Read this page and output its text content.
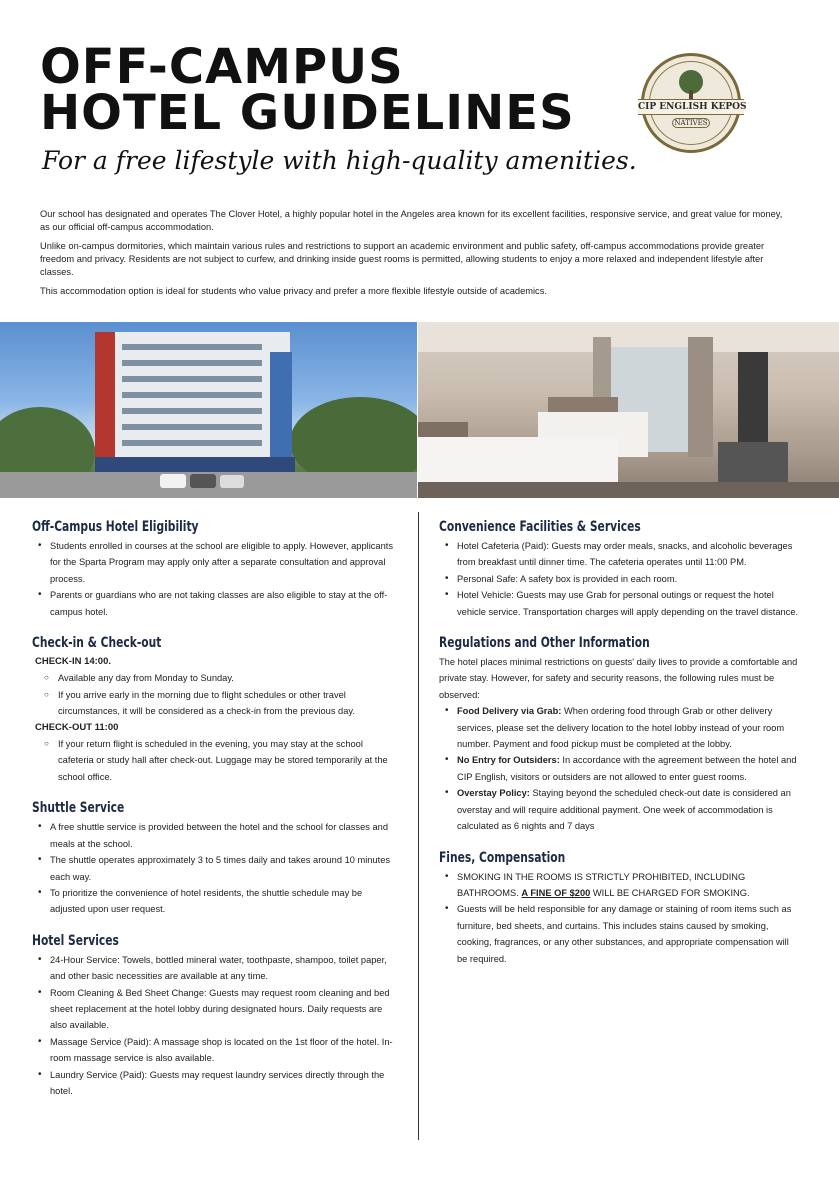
OFF-CAMPUS
HOTEL GUIDELINES
For a free lifestyle with high-quality amenities.
CIP ENGLISH KEPOS
NATIVES

Our school has designated and operates The Clover Hotel, a highly popular hotel in the Angeles area known for its excellent facilities, responsive service, and great value for money, as our official off-campus accommodation.

Unlike on-campus dormitories, which maintain various rules and restrictions to support an academic environment and public safety, off-campus accommodations provide greater freedom and privacy. Residents are not subject to curfew, and drinking inside guest rooms is permitted, allowing students to enjoy a more relaxed and independent lifestyle after classes.

This accommodation option is ideal for students who value privacy and prefer a more flexible lifestyle outside of academics.

Off-Campus Hotel Eligibility
• Students enrolled in courses at the school are eligible to apply. However, applicants for the Sparta Program may apply only after a separate consultation and approval process.
• Parents or guardians who are not taking classes are also eligible to stay at the off-campus hotel.
Check-in & Check-out
CHECK-IN 14:00.
○ Available any day from Monday to Sunday.
○ If you arrive early in the morning due to flight schedules or other travel circumstances, it will be considered as a check-in from the previous day.
CHECK-OUT 11:00
○ If your return flight is scheduled in the evening, you may stay at the school cafeteria or study hall after check-out. Luggage may be stored temporarily at the school office.
Shuttle Service
• A free shuttle service is provided between the hotel and the school for classes and meals at the school.
• The shuttle operates approximately 3 to 5 times daily and takes around 10 minutes each way.
• To prioritize the convenience of hotel residents, the shuttle schedule may be adjusted upon user request.
Hotel Services
• 24-Hour Service: Towels, bottled mineral water, toothpaste, shampoo, toilet paper, and other basic necessities are available at any time.
• Room Cleaning & Bed Sheet Change: Guests may request room cleaning and bed sheet replacement at the hotel lobby during designated hours. Daily requests are also available.
• Massage Service (Paid): A massage shop is located on the 1st floor of the hotel. In-room massage service is also available.
• Laundry Service (Paid): Guests may request laundry services directly through the hotel.
Convenience Facilities & Services
• Hotel Cafeteria (Paid): Guests may order meals, snacks, and alcoholic beverages from breakfast until dinner time. The cafeteria operates until 11:00 PM.
• Personal Safe: A safety box is provided in each room.
• Hotel Vehicle: Guests may use Grab for personal outings or request the hotel vehicle service. Transportation charges will apply depending on the travel distance.
Regulations and Other Information

The hotel places minimal restrictions on guests' daily lives to provide a comfortable and private stay. However, for safety and security reasons, the following rules must be observed:

• Food Delivery via Grab: When ordering food through Grab or other delivery services, please set the delivery location to the hotel lobby instead of your room number. Payment and food pickup must be completed at the lobby.
• No Entry for Outsiders: In accordance with the agreement between the hotel and CIP English, visitors or outsiders are not allowed to enter guest rooms.
• Overstay Policy: Staying beyond the scheduled check-out date is considered an overstay and will require additional payment. One week of accommodation is calculated as 6 nights and 7 days
Fines, Compensation
• SMOKING IN THE ROOMS IS STRICTLY PROHIBITED, INCLUDING BATHROOMS. A FINE OF $200 WILL BE CHARGED FOR SMOKING.
• Guests will be held responsible for any damage or staining of room items such as furniture, bed sheets, and curtains. This includes stains caused by smoking, cooking, fragrances, or any other substances, and appropriate compensation will be required.
